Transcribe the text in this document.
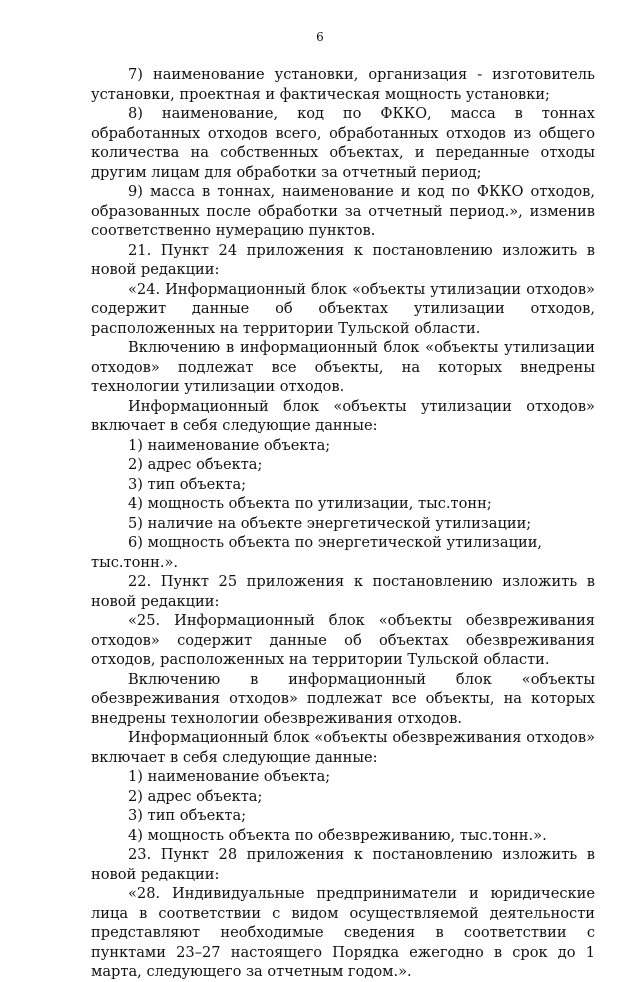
6

7) наименование установки, организация - изготовитель установки, проектная и фактическая мощность установки;

8) наименование, код по ФККО, масса в тоннах обработанных отходов всего, обработанных отходов из общего количества на собственных объектах, и переданные отходы другим лицам для обработки за отчетный период;

9) масса в тоннах, наименование и код по ФККО отходов, образованных после обработки за отчетный период.», изменив соответственно нумерацию пунктов.

21. Пункт 24 приложения к постановлению изложить в новой редакции:

«24. Информационный блок «объекты утилизации отходов» содержит данные об объектах утилизации отходов, расположенных на территории Тульской области.

Включению в информационный блок «объекты утилизации отходов» подлежат все объекты, на которых внедрены технологии утилизации отходов.

Информационный блок «объекты утилизации отходов» включает в себя следующие данные:

1) наименование объекта;

2) адрес объекта;

3) тип объекта;

4) мощность объекта по утилизации, тыс.тонн;

5) наличие на объекте энергетической утилизации;

6) мощность объекта по энергетической утилизации, тыс.тонн.».

22. Пункт 25 приложения к постановлению изложить в новой редакции:

«25. Информационный блок «объекты обезвреживания отходов» содержит данные об объектах обезвреживания отходов, расположенных на территории Тульской области.

Включению в информационный блок «объекты обезвреживания отходов» подлежат все объекты, на которых внедрены технологии обезвреживания отходов.

Информационный блок «объекты обезвреживания отходов» включает в себя следующие данные:

1) наименование объекта;

2) адрес объекта;

3) тип объекта;

4) мощность объекта по обезвреживанию, тыс.тонн.».

23. Пункт 28 приложения к постановлению изложить в новой редакции:

«28. Индивидуальные предприниматели и юридические лица в соответствии с видом осуществляемой деятельности представляют необходимые сведения в соответствии с пунктами 23–27 настоящего Порядка ежегодно в срок до 1 марта, следующего за отчетным годом.».
